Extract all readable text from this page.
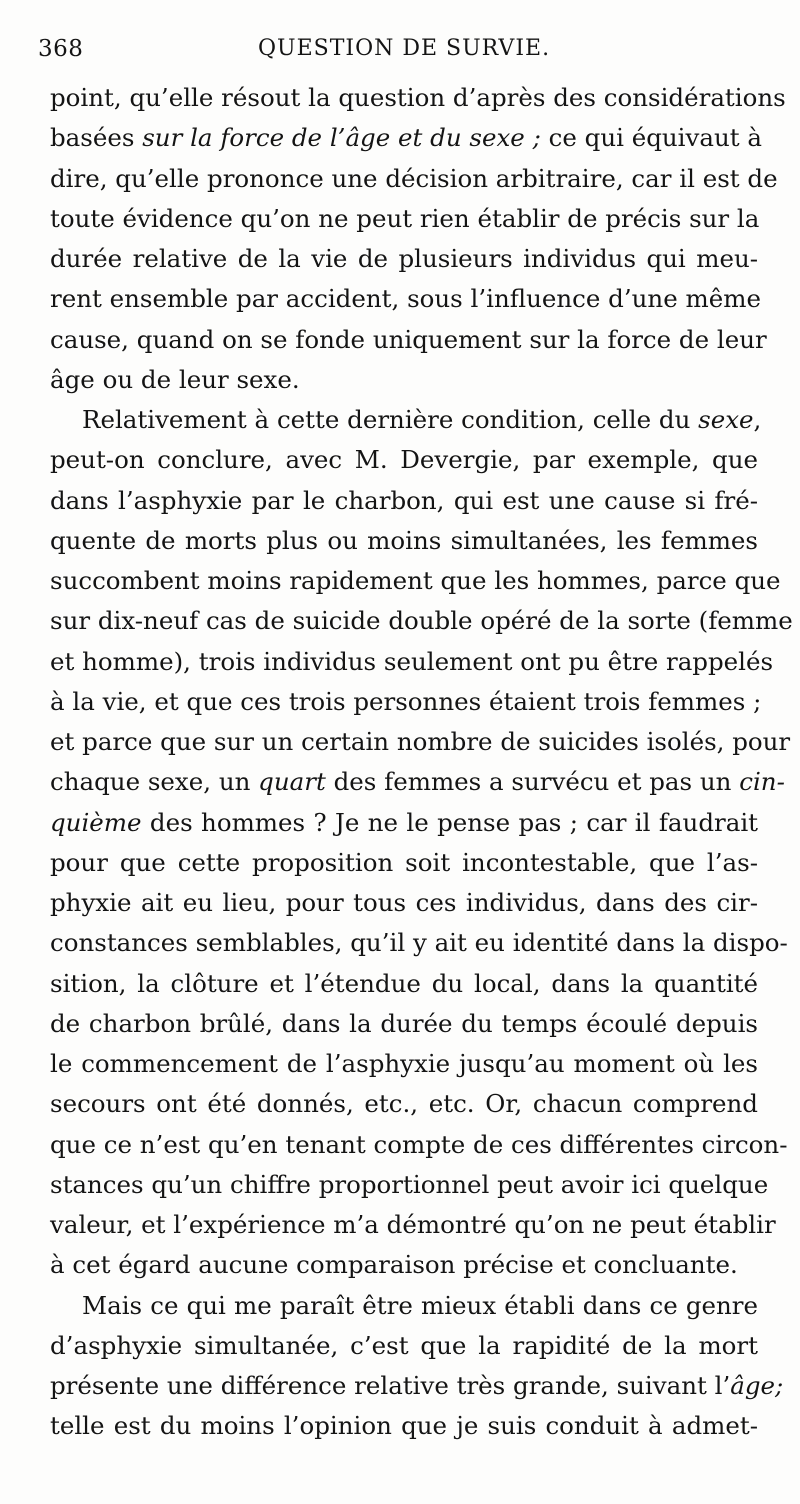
368	QUESTION DE SURVIE.
point, qu’elle résout la question d’après des considérations
basées sur la force de l’âge et du sexe ; ce qui équivaut à
dire, qu’elle prononce une décision arbitraire, car il est de
toute évidence qu’on ne peut rien établir de précis sur la
durée relative de la vie de plusieurs individus qui meu-
rent ensemble par accident, sous l’influence d’une même
cause, quand on se fonde uniquement sur la force de leur
âge ou de leur sexe.
Relativement à cette dernière condition, celle du sexe,
peut-on conclure, avec M. Devergie, par exemple, que
dans l’asphyxie par le charbon, qui est une cause si fré-
quente de morts plus ou moins simultanées, les femmes
succombent moins rapidement que les hommes, parce que
sur dix-neuf cas de suicide double opéré de la sorte (femme
et homme), trois individus seulement ont pu être rappelés
à la vie, et que ces trois personnes étaient trois femmes ;
et parce que sur un certain nombre de suicides isolés, pour
chaque sexe, un quart des femmes a survécu et pas un cin-
quième des hommes ? Je ne le pense pas ; car il faudrait
pour que cette proposition soit incontestable, que l’as-
phyxie ait eu lieu, pour tous ces individus, dans des cir-
constances semblables, qu’il y ait eu identité dans la dispo-
sition, la clôture et l’étendue du local, dans la quantité
de charbon brûlé, dans la durée du temps écoulé depuis
le commencement de l’asphyxie jusqu’au moment où les
secours ont été donnés, etc., etc. Or, chacun comprend
que ce n’est qu’en tenant compte de ces différentes circon-
stances qu’un chiffre proportionnel peut avoir ici quelque
valeur, et l’expérience m’a démontré qu’on ne peut établir
à cet égard aucune comparaison précise et concluante.
Mais ce qui me paraît être mieux établi dans ce genre
d’asphyxie simultanée, c’est que la rapidité de la mort
présente une différence relative très grande, suivant l’âge;
telle est du moins l’opinion que je suis conduit à admet-
